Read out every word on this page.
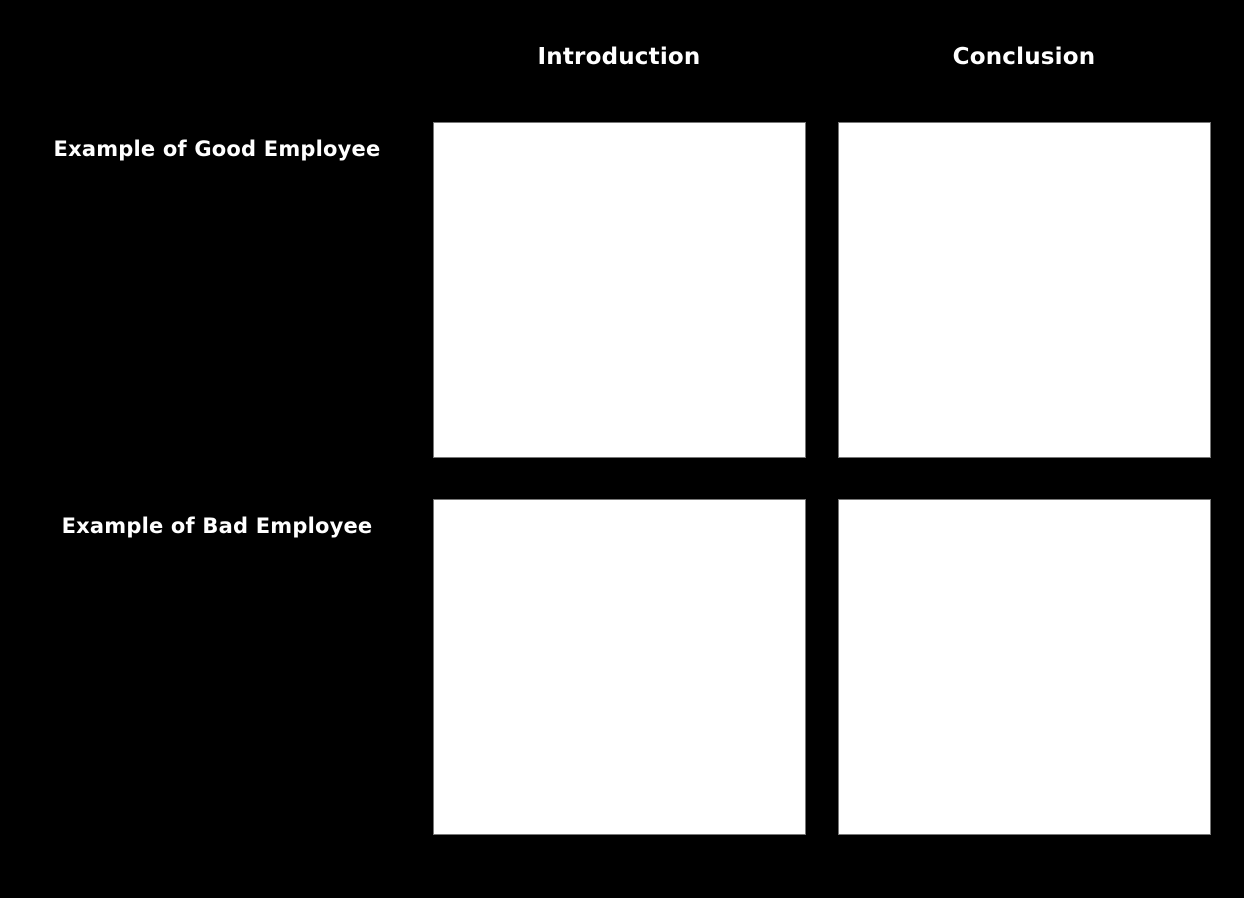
Introduction	Conclusion
Example of Good Employee
Example of Bad Employee
